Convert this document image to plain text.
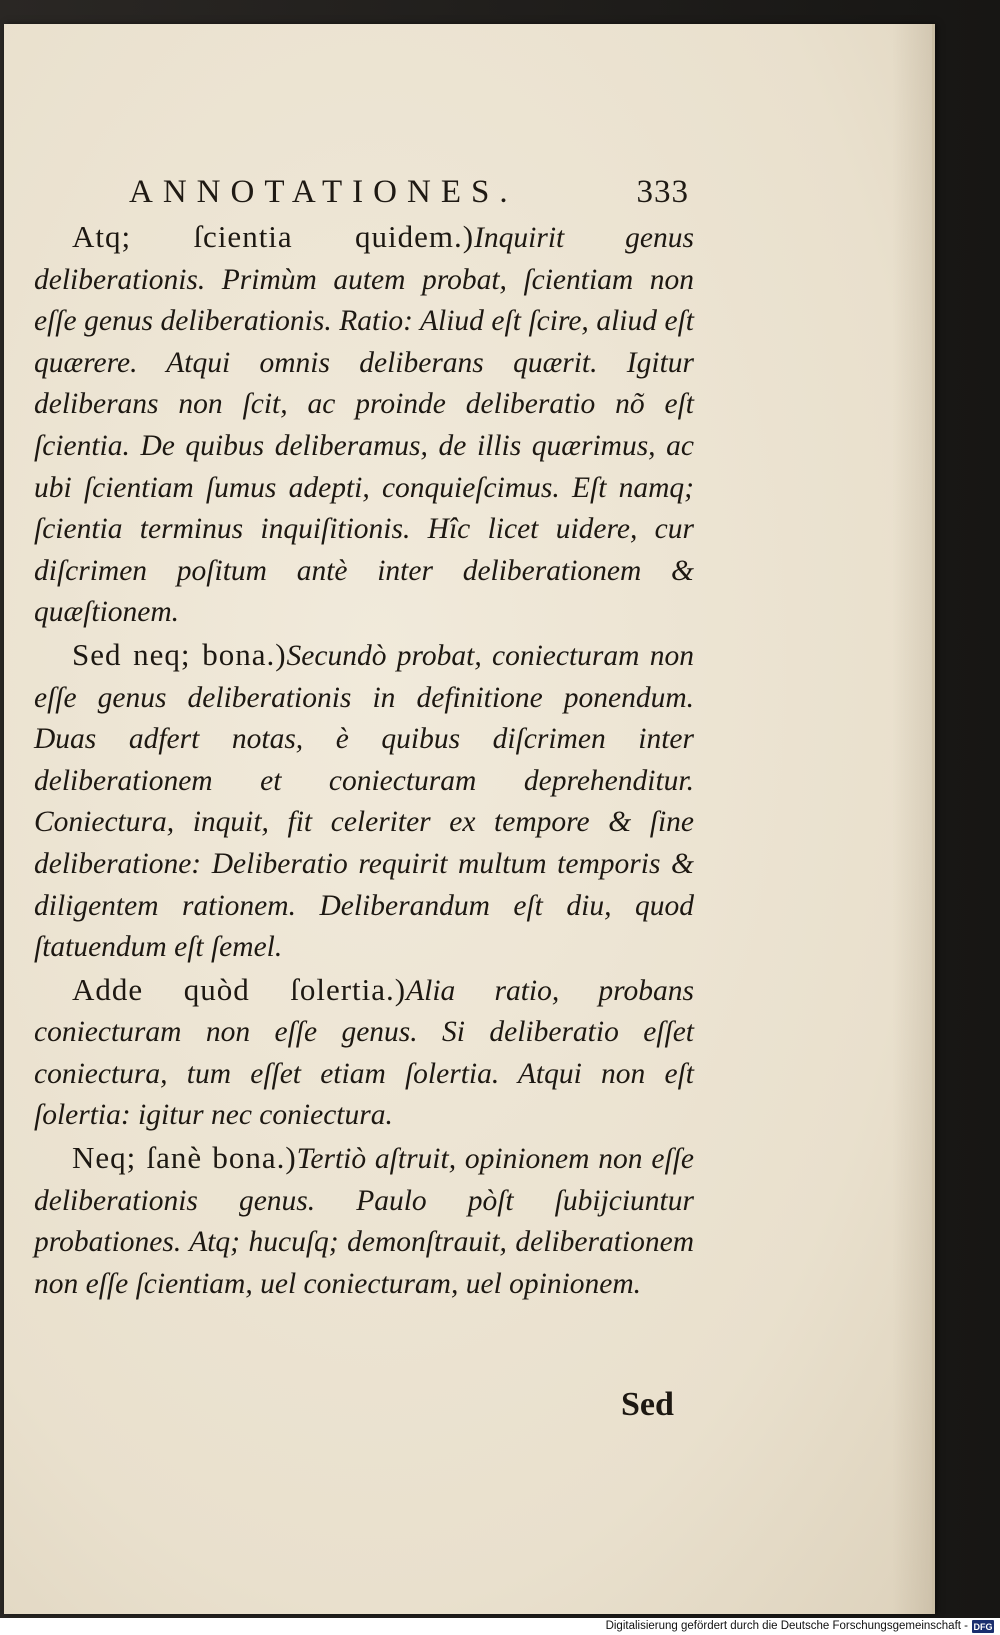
ANNOTATIONES.	333

Atq; ſcientia quidem.)Inquirit genus deliberationis. Primùm autem probat, ſcientiam non eſſe genus deliberationis. Ratio: Aliud eſt ſcire, aliud eſt quærere. Atqui omnis deliberans quærit. Igitur deliberans non ſcit, ac proinde deliberatio nõ eſt ſcientia. De quibus deliberamus, de illis quærimus, ac ubi ſcientiam ſumus adepti, conquieſcimus. Eſt namq; ſcientia terminus inquiſitionis. Hîc licet uidere, cur diſcrimen poſitum antè inter deliberationem & quæſtionem.

Sed neq; bona.)Secundò probat, coniecturam non eſſe genus deliberationis in definitione ponendum. Duas adfert notas, è quibus diſcrimen inter deliberationem et coniecturam deprehenditur. Coniectura, inquit, fit celeriter ex tempore & ſine deliberatione: Deliberatio requirit multum temporis & diligentem rationem. Deliberandum eſt diu, quod ſtatuendum eſt ſemel.

Adde quòd ſolertia.)Alia ratio, probans coniecturam non eſſe genus. Si deliberatio eſſet coniectura, tum eſſet etiam ſolertia. Atqui non eſt ſolertia: igitur nec coniectura.

Neq; ſanè bona.)Tertiò aſtruit, opinionem non eſſe deliberationis genus. Paulo pòſt ſubijciuntur probationes. Atq; hucuſq; demonſtrauit, deliberationem non eſſe ſcientiam, uel coniecturam, uel opinionem.

Sed
Digitalisierung gefördert durch die Deutsche Forschungsgemeinschaft - DFG
